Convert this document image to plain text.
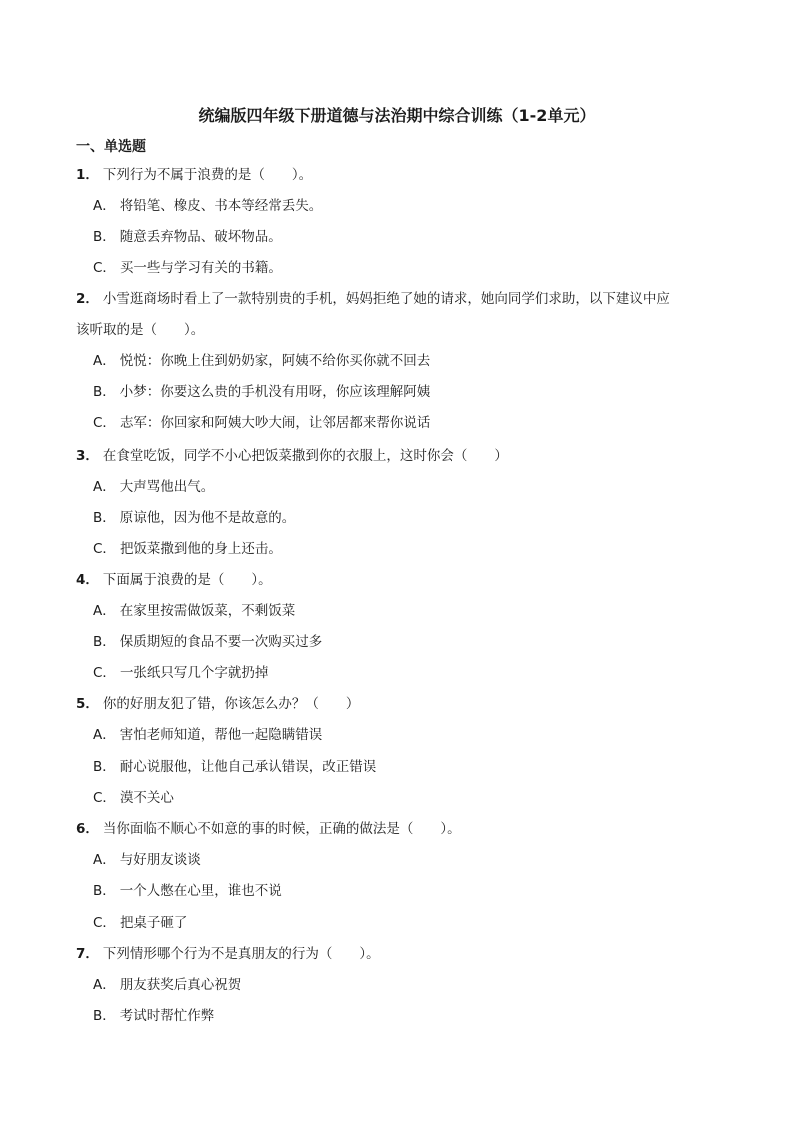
统编版四年级下册道德与法治期中综合训练（1-2单元）
一、单选题
1． 下列行为不属于浪费的是（　　）。
A． 将铅笔、橡皮、书本等经常丢失。
B． 随意丢弃物品、破坏物品。
C． 买一些与学习有关的书籍。
2． 小雪逛商场时看上了一款特别贵的手机，妈妈拒绝了她的请求，她向同学们求助，以下建议中应
该听取的是（　　）。
A． 悦悦：你晚上住到奶奶家，阿姨不给你买你就不回去
B． 小梦：你要这么贵的手机没有用呀，你应该理解阿姨
C． 志军：你回家和阿姨大吵大闹，让邻居都来帮你说话
3． 在食堂吃饭，同学不小心把饭菜撒到你的衣服上，这时你会（　　）
A． 大声骂他出气。
B． 原谅他，因为他不是故意的。
C． 把饭菜撒到他的身上还击。
4． 下面属于浪费的是（　　）。
A． 在家里按需做饭菜，不剩饭菜
B． 保质期短的食品不要一次购买过多
C． 一张纸只写几个字就扔掉
5． 你的好朋友犯了错，你该怎么办？（　　）
A． 害怕老师知道，帮他一起隐瞒错误
B． 耐心说服他，让他自己承认错误，改正错误
C． 漠不关心
6． 当你面临不顺心不如意的事的时候，正确的做法是（　　）。
A． 与好朋友谈谈
B． 一个人憋在心里，谁也不说
C． 把桌子砸了
7． 下列情形哪个行为不是真朋友的行为（　　）。
A． 朋友获奖后真心祝贺
B． 考试时帮忙作弊
